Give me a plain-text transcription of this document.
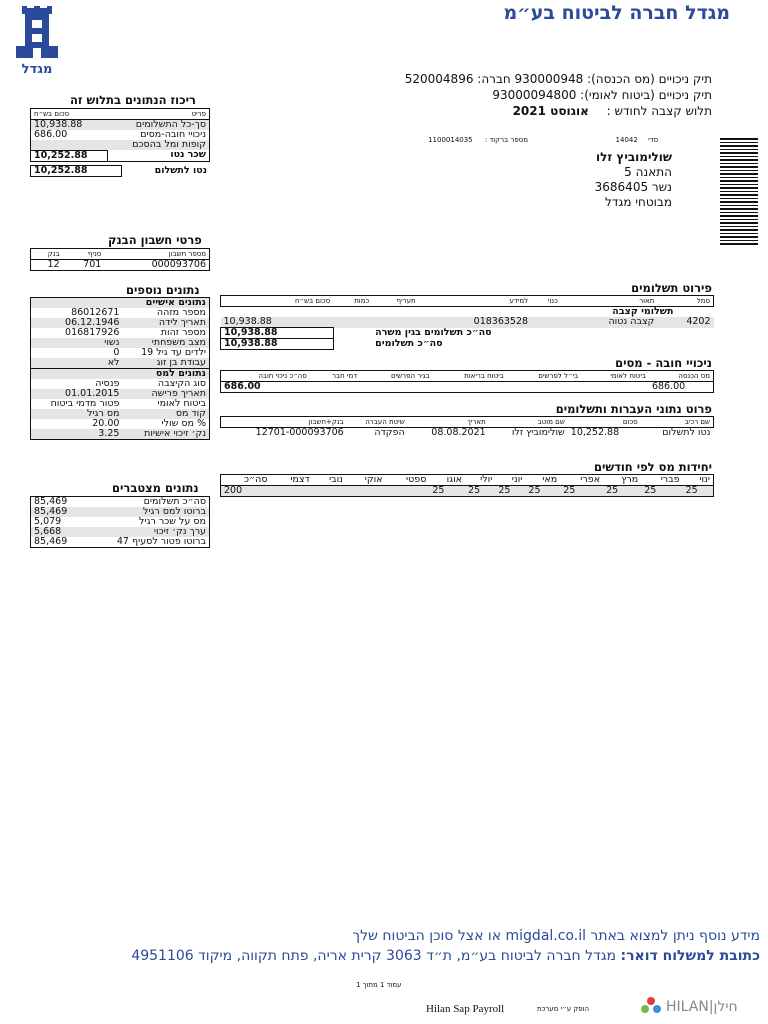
מגדל חברה לביטוח בע״מ
מגדל
תיק ניכויים (מס הכנסה): 930000948 חברה: 520004896
תיק ניכויים (ביטוח לאומי): 93000094800
תלוש קצבה לחודש : אוגוסט 2021
סדי 14042
מספר ברקוד : 1100014035
שולימוביץ זלו
התאנה 5
נשר 3686405
מבוטחי מגדל
ריכוז הנתונים בתלוש זה
פריט	סכום בש״ח
סך-כל התשלומים	10,938.88
ניכויי חובה-מסים	686.00
קופות ומל בהסכם	
שכר נטו	10,252.88
נטו לתשלום	10,252.88
פרטי חשבון הבנק
מספר חשבון	סניף	בנק
000093706	701	12
נתונים נוספים
נתונים אישיים	
מספר מזהה	86012671
תאריך לידה	06.12.1946
מספר זהות	016817926
מצב משפחתי	נשוי
ילדים עד גיל 19	0
עבודת בן זוג	לא
נתונים למס	
סוג הקיצבה	פנסיה
תאריך פרישה	01.01.2015
ביטוח לאומי	פטור מדמי ביטוח
קוד מס	מס רגיל
% מס שולי	20.00
נק׳ זיכוי אישיות	3.25
נתונים מצטברים
סה״כ תשלומים	85,469
ברוטו למס רגיל	85,469
מס על שכר רגיל	5,079
ערך נק׳ זיכוי	5,668
ברוטו פטור לסעיף 47	85,469
פירוט תשלומים
סמל	תאור	כנוי	למידע	תעריף	כמות	סכום בש״ח
תשלומי קצבה						
4202	קצבה נטוה		018363528			10,938.88
	סה״כ תשלומים בגין משרה					10,938.88
	סה״כ תשלומים					10,938.88
ניכויי חובה - מסים
מס הכנסה	ביטוח לאומי	בי״ל לפרשים	ביטוח בריאות	בגיר הפרשים	דמי חבר	סה״כ ניכוי חובה
686.00						686.00
פרוט נתוני העברות ותשלומים
שם רכיב	סכום	שם מוטב	תאריך	שיטת העברה	בנק+חשבון
נטו לתשלום	10,252.88	שולימוביץ זלו	08.08.2021	הפקדה	12701-000093706
יחידות מס לפי חודשים
ינוי	פברי	מרץ	אפרי	מאי	יוני	יולי	אוגו	ספטי	אוקי	נובי	דצמי	סה״כ
25	25	25	25	25	25	25	25					200
מידע נוסף ניתן למצוא באתר migdal.co.il או אצל סוכן הביטוח שלך
כתובת למשלוח דואר: מגדל חברה לביטוח בע״מ, ת״ד 3063 קרית אריה, פתח תקווה, מיקוד 4951106
עמוד 1 מתוך 1
Hilan Sap Payroll	הופק ע״י מערכת	HILAN|חילן
